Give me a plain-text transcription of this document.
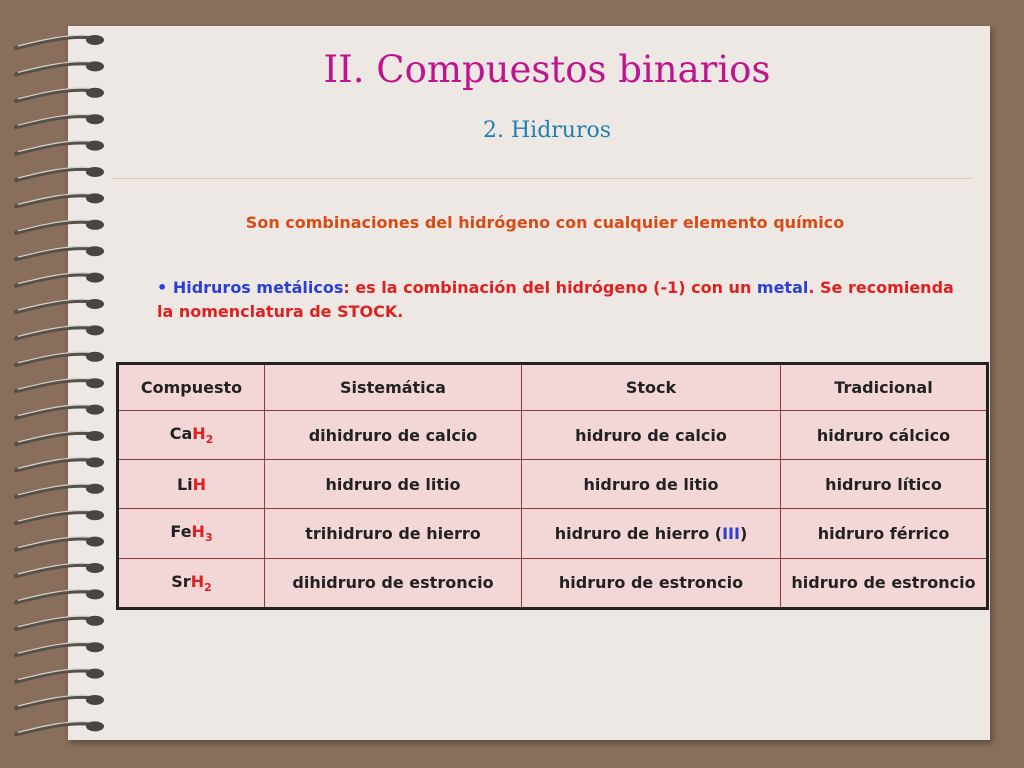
II. Compuestos binarios
2. Hidruros
Son combinaciones del hidrógeno con cualquier elemento químico
• Hidruros metálicos: es la combinación del hidrógeno (-1) con un metal. Se recomienda la nomenclatura de STOCK.
Compuesto	Sistemática	Stock	Tradicional
CaH$_2$	dihidruro de calcio	hidruro de calcio	hidruro cálcico
LiH	hidruro de litio	hidruro de litio	hidruro lítico
FeH$_3$	trihidruro de hierro	hidruro de hierro (III)	hidruro férrico
SrH$_2$	dihidruro de estroncio	hidruro de estroncio	hidruro de estroncio
